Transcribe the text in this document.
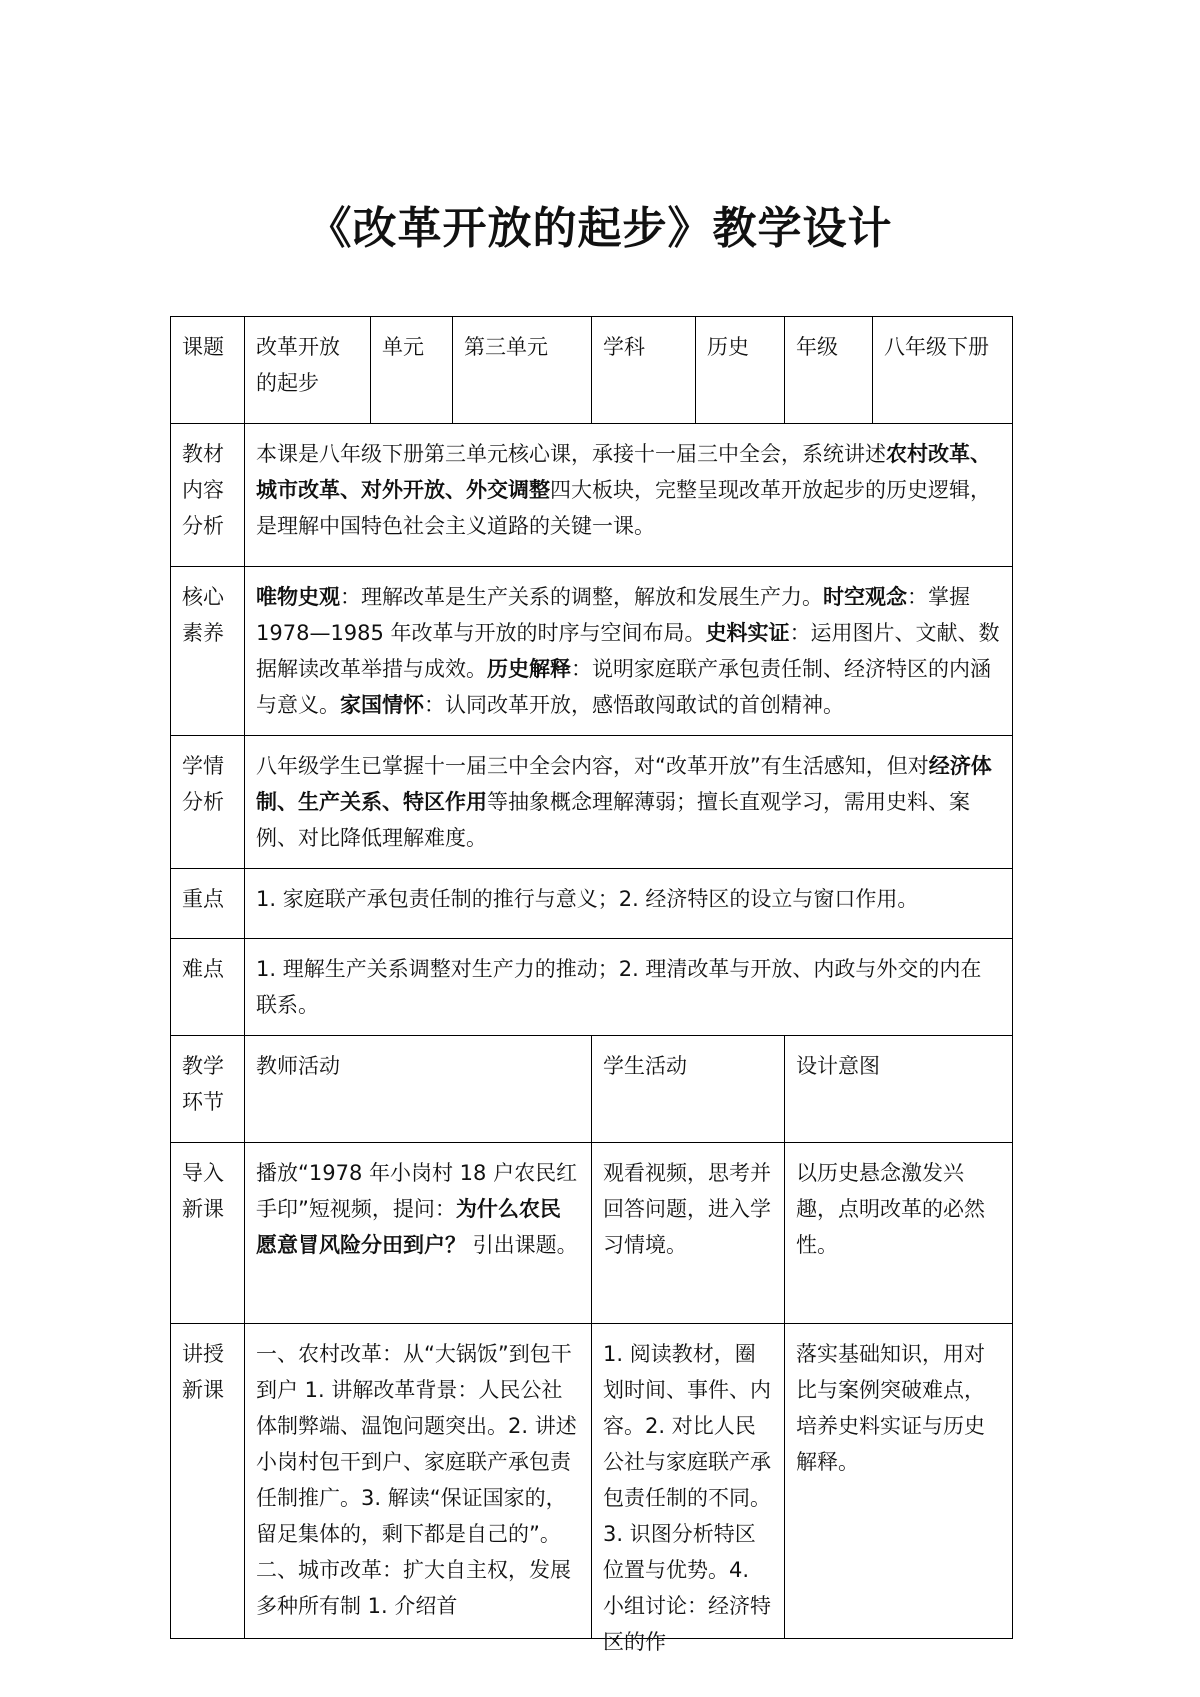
《改革开放的起步》教学设计
课题	改革开放的起步	单元	第三单元	学科	历史	年级	八年级下册
教材内容分析	本课是八年级下册第三单元核心课，承接十一届三中全会，系统讲述农村改革、城市改革、对外开放、外交调整四大板块，完整呈现改革开放起步的历史逻辑，是理解中国特色社会主义道路的关键一课。						
核心素养	唯物史观：理解改革是生产关系的调整，解放和发展生产力。时空观念：掌握 1978—1985 年改革与开放的时序与空间布局。史料实证：运用图片、文献、数据解读改革举措与成效。历史解释：说明家庭联产承包责任制、经济特区的内涵与意义。家国情怀：认同改革开放，感悟敢闯敢试的首创精神。						
学情分析	八年级学生已掌握十一届三中全会内容，对“改革开放”有生活感知，但对经济体制、生产关系、特区作用等抽象概念理解薄弱；擅长直观学习，需用史料、案例、对比降低理解难度。						
重点	1. 家庭联产承包责任制的推行与意义；2. 经济特区的设立与窗口作用。						
难点	1. 理解生产关系调整对生产力的推动；2. 理清改革与开放、内政与外交的内在联系。						
教学环节	教师活动			学生活动		设计意图	
导入新课	播放“1978 年小岗村 18 户农民红手印”短视频，提问：为什么农民愿意冒风险分田到户？ 引出课题。			观看视频，思考并回答问题，进入学习情境。		以历史悬念激发兴趣，点明改革的必然性。	
讲授新课	一、农村改革：从“大锅饭”到包干到户 1. 讲解改革背景：人民公社体制弊端、温饱问题突出。2. 讲述小岗村包干到户、家庭联产承包责任制推广。3. 解读“保证国家的，留足集体的，剩下都是自己的”。二、城市改革：扩大自主权，发展多种所有制 1. 介绍首			1. 阅读教材，圈划时间、事件、内容。2. 对比人民公社与家庭联产承包责任制的不同。3. 识图分析特区位置与优势。4. 小组讨论：经济特区的作		落实基础知识，用对比与案例突破难点，培养史料实证与历史解释。	
